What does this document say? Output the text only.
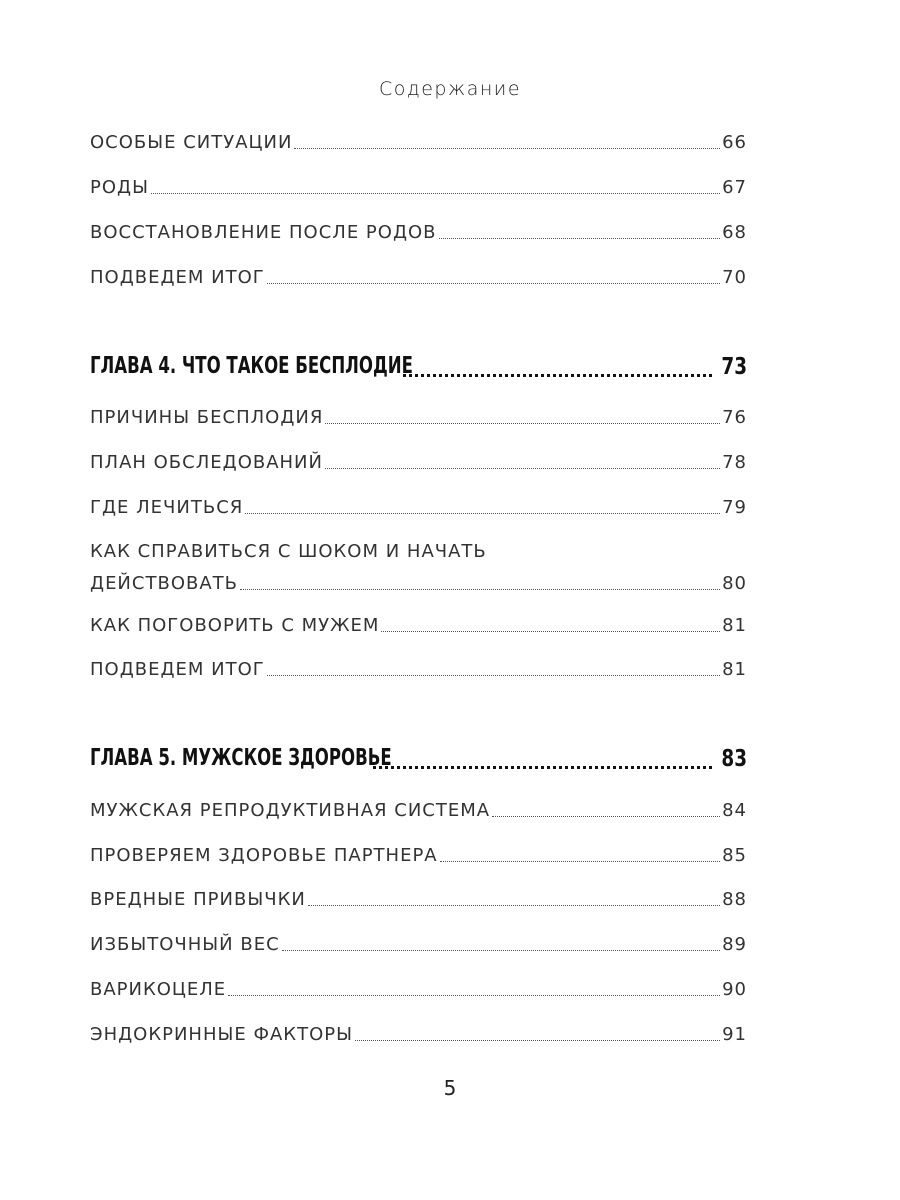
Содержание
ОСОБЫЕ СИТУАЦИИ	66
РОДЫ	67
ВОССТАНОВЛЕНИЕ ПОСЛЕ РОДОВ	68
ПОДВЕДЕМ ИТОГ	70
ГЛАВА 4. ЧТО ТАКОЕ БЕСПЛОДИЕ	73
ПРИЧИНЫ БЕСПЛОДИЯ	76
ПЛАН ОБСЛЕДОВАНИЙ	78
ГДЕ ЛЕЧИТЬСЯ	79
КАК СПРАВИТЬСЯ С ШОКОМ И НАЧАТЬ
ДЕЙСТВОВАТЬ	80
КАК ПОГОВОРИТЬ С МУЖЕМ	81
ПОДВЕДЕМ ИТОГ	81
ГЛАВА 5. МУЖСКОЕ ЗДОРОВЬЕ	83
МУЖСКАЯ РЕПРОДУКТИВНАЯ СИСТЕМА	84
ПРОВЕРЯЕМ ЗДОРОВЬЕ ПАРТНЕРА	85
ВРЕДНЫЕ ПРИВЫЧКИ	88
ИЗБЫТОЧНЫЙ ВЕС	89
ВАРИКОЦЕЛЕ	90
ЭНДОКРИННЫЕ ФАКТОРЫ	91
5
